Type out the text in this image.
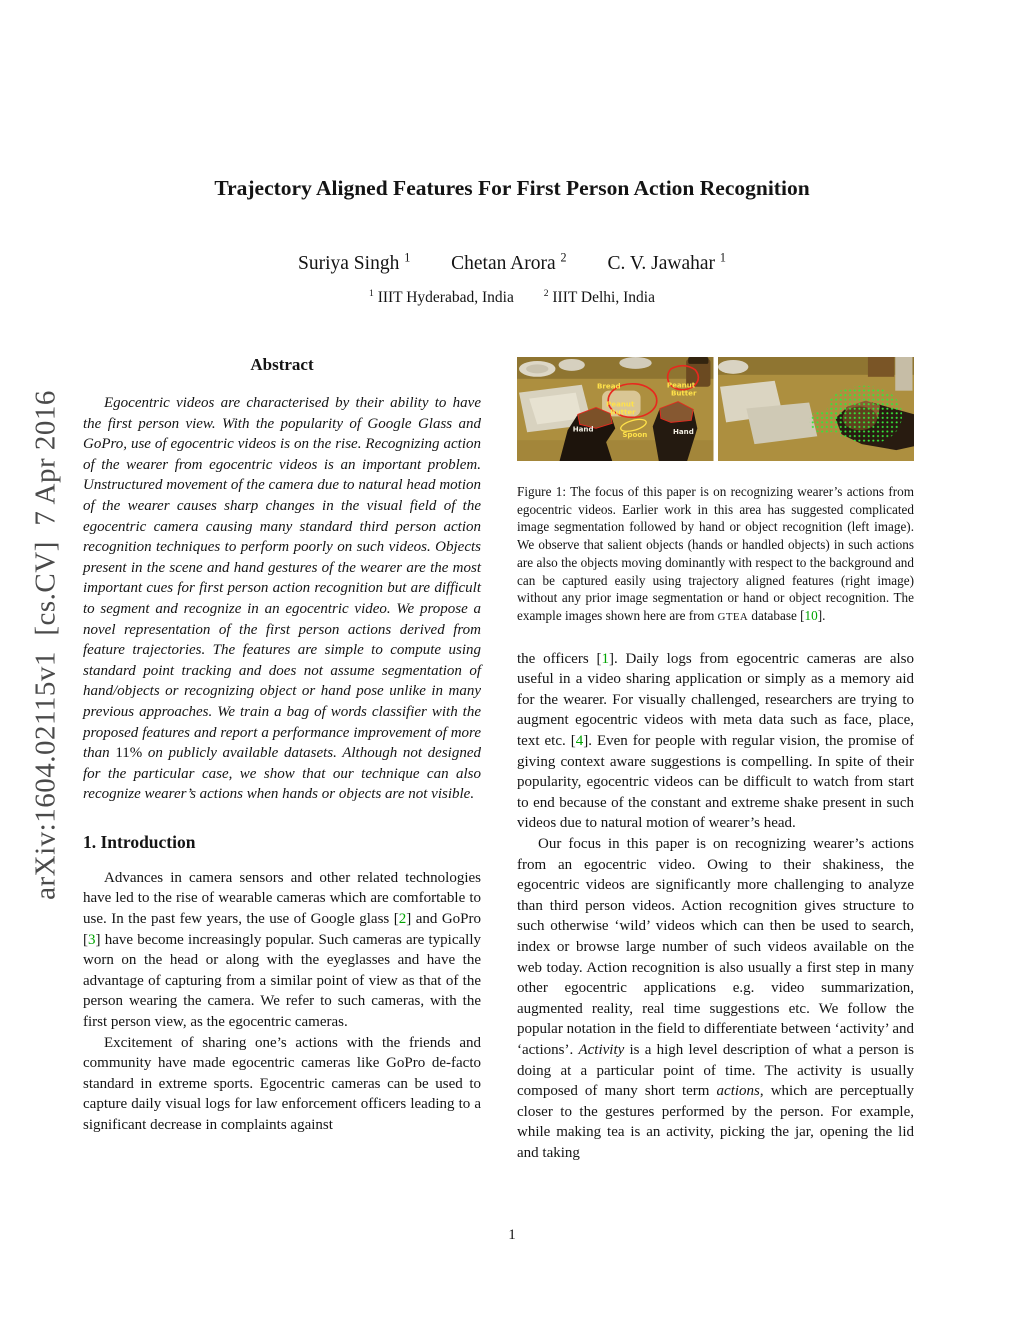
arXiv:1604.02115v1  [cs.CV]  7 Apr 2016
Trajectory Aligned Features For First Person Action Recognition
Suriya Singh $^1$ Chetan Arora $^2$ C. V. Jawahar $^1$
$^1$ IIIT Hyderabad, India	$^2$ IIIT Delhi, India
Abstract

Egocentric videos are characterised by their ability to have the first person view. With the popularity of Google Glass and GoPro, use of egocentric videos is on the rise. Recognizing action of the wearer from egocentric videos is an important problem. Unstructured movement of the camera due to natural head motion of the wearer causes sharp changes in the visual field of the egocentric camera causing many standard third person action recognition techniques to perform poorly on such videos. Objects present in the scene and hand gestures of the wearer are the most important cues for first person action recognition but are difficult to segment and recognize in an egocentric video. We propose a novel representation of the first person actions derived from feature trajectories. The features are simple to compute using standard point tracking and does not assume segmentation of hand/objects or recognizing object or hand pose unlike in many previous approaches. We train a bag of words classifier with the proposed features and report a performance improvement of more than 11% on publicly available datasets. Although not designed for the particular case, we show that our technique can also recognize wearer’s actions when hands or objects are not visible.

1. Introduction

Advances in camera sensors and other related technologies have led to the rise of wearable cameras which are comfortable to use. In the past few years, the use of Google glass [2] and GoPro [3] have become increasingly popular. Such cameras are typically worn on the head or along with the eyeglasses and have the advantage of capturing from a similar point of view as that of the person wearing the camera. We refer to such cameras, with the first person view, as the egocentric cameras.

Excitement of sharing one’s actions with the friends and community have made egocentric cameras like GoPro de-facto standard in extreme sports. Egocentric cameras can be used to capture daily visual logs for law enforcement officers leading to a significant decrease in complaints against

Bread	Peanut
Butter
Peanut
Butter
Hand
Spoon	Hand
Figure 1: The focus of this paper is on recognizing wearer’s actions from egocentric videos. Earlier work in this area has suggested complicated image segmentation followed by hand or object recognition (left image). We observe that salient objects (hands or handled objects) in such actions are also the objects moving dominantly with respect to the background and can be captured easily using trajectory aligned features (right image) without any prior image segmentation or hand or object recognition. The example images shown here are from GTEA database [10].

the officers [1]. Daily logs from egocentric cameras are also useful in a video sharing application or simply as a memory aid for the wearer. For visually challenged, researchers are trying to augment egocentric videos with meta data such as face, place, text etc. [4]. Even for people with regular vision, the promise of giving context aware suggestions is compelling. In spite of their popularity, egocentric videos can be difficult to watch from start to end because of the constant and extreme shake present in such videos due to natural motion of wearer’s head.

Our focus in this paper is on recognizing wearer’s actions from an egocentric video. Owing to their shakiness, the egocentric videos are significantly more challenging to analyze than third person videos. Action recognition gives structure to such otherwise ‘wild’ videos which can then be used to search, index or browse large number of such videos available on the web today. Action recognition is also usually a first step in many other egocentric applications e.g. video summarization, augmented reality, real time suggestions etc. We follow the popular notation in the field to differentiate between ‘activity’ and ‘actions’. Activity is a high level description of what a person is doing at a particular point of time. The activity is usually composed of many short term actions, which are perceptually closer to the gestures performed by the person. For example, while making tea is an activity, picking the jar, opening the lid and taking

1
